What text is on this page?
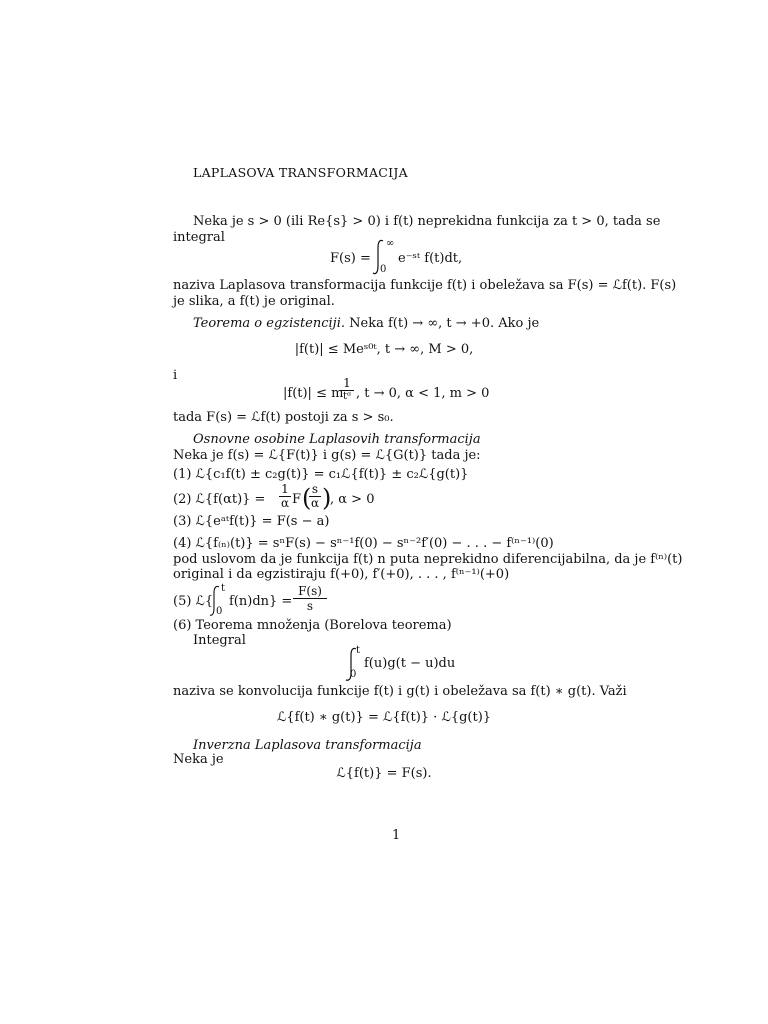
LAPLASOVA TRANSFORMACIJA
Neka je s > 0 (ili Re{s} > 0) i f(t) neprekidna funkcija za t > 0, tada se
integral
F(s) =
∞
0
e⁻ˢᵗ f(t)dt,
naziva Laplasova transformacija funkcije f(t) i obeležava sa F(s) = ℒf(t). F(s)
je slika, a f(t) je original.
Teorema o egzistenciji. Neka f(t) → ∞, t → +0. Ako je
|f(t)| ≤ Meˢ⁰ᵗ, t → ∞, M > 0,
i
|f(t)| ≤ m
1
tᵅ , t → 0, α < 1, m > 0
tada F(s) = ℒf(t) postoji za s > s₀.
Osnovne osobine Laplasovih transformacija
Neka je f(s) = ℒ{F(t)} i g(s) = ℒ{G(t)} tada je:
(1) ℒ{c₁f(t) ± c₂g(t)} = c₁ℒ{f(t)} ± c₂ℒ{g(t)}
(2) ℒ{f(αt)} = $\frac{1}{\alpha}$ F (
$\frac{s}{\alpha}$ )
, α > 0
(3) ℒ{eᵃᵗf(t)} = F(s − a)
(4) ℒ{f₍ₙ₎(t)} = sⁿF(s) − sⁿ⁻¹f(0) − sⁿ⁻²f′(0) − . . . − f⁽ⁿ⁻¹⁾(0)
pod uslovom da je funkcija f(t) n puta neprekidno diferencijabilna, da je f⁽ⁿ⁾(t)
original i da egzistiraju f(+0), f′(+0), . . . , f⁽ⁿ⁻¹⁾(+0)
(5) ℒ{
t
0
$f(n)dn\} = \frac{F(s)}{s}$
(6) Teorema množenja (Borelova teorema)
Integral
t
0
f(u)g(t − u)du
naziva se konvolucija funkcije f(t) i g(t) i obeležava sa f(t) ∗ g(t). Važi
ℒ{f(t) ∗ g(t)} = ℒ{f(t)} · ℒ{g(t)}
Inverzna Laplasova transformacija
Neka je
ℒ{f(t)} = F(s).
1
